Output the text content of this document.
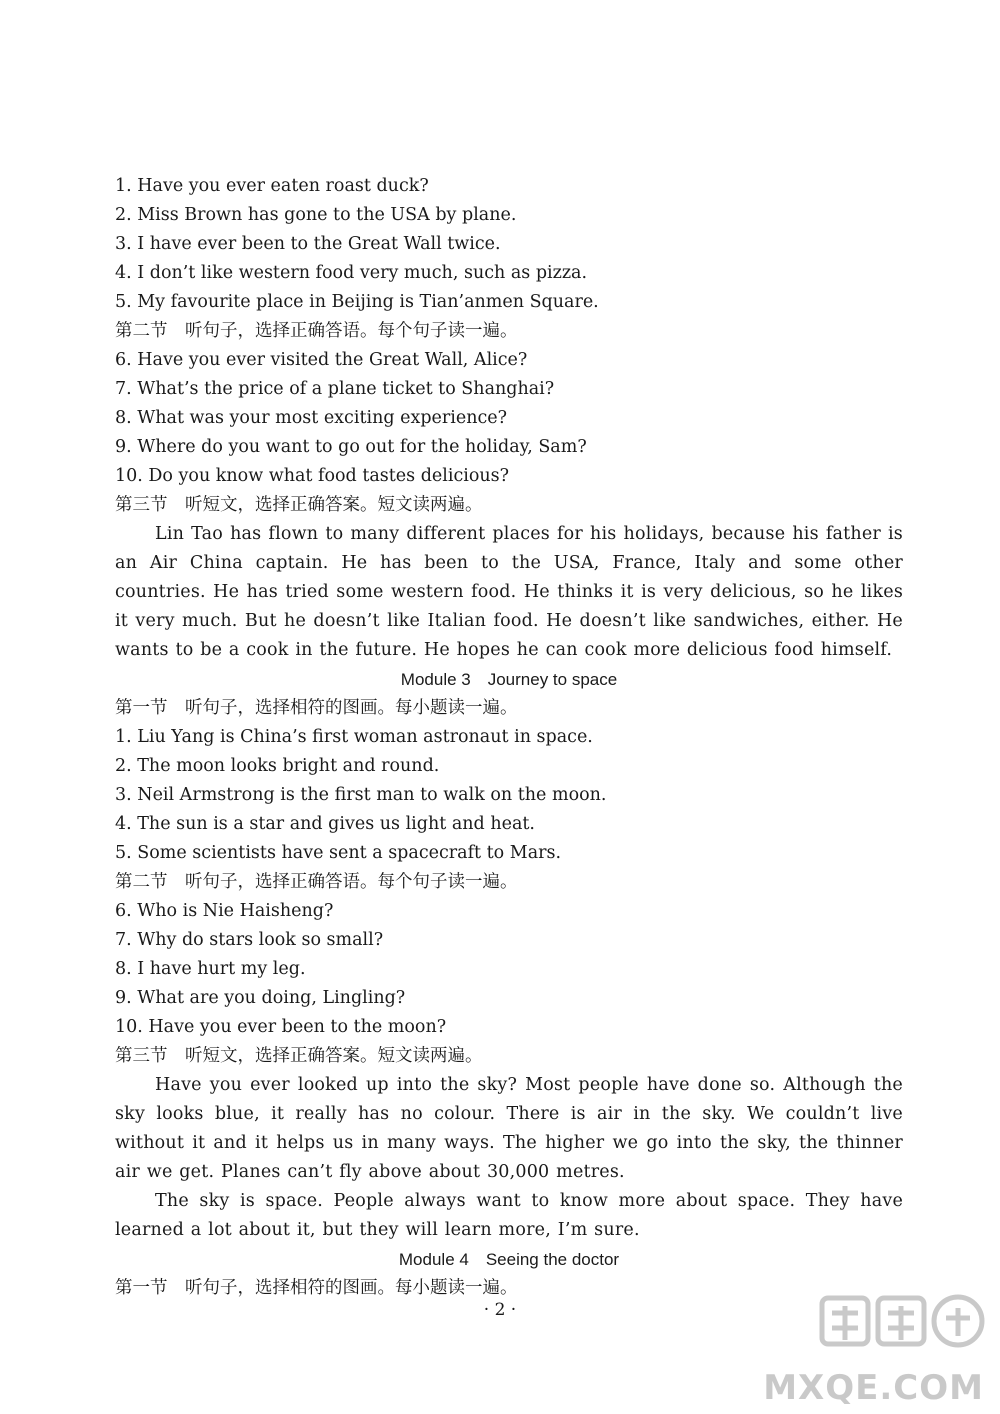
1. Have you ever eaten roast duck?
2. Miss Brown has gone to the USA by plane.
3. I have ever been to the Great Wall twice.
4. I don’t like western food very much, such as pizza.
5. My favourite place in Beijing is Tian’anmen Square.
第二节　听句子，选择正确答语。每个句子读一遍。
6. Have you ever visited the Great Wall, Alice?
7. What’s the price of a plane ticket to Shanghai?
8. What was your most exciting experience?
9. Where do you want to go out for the holiday, Sam?
10. Do you know what food tastes delicious?
第三节　听短文，选择正确答案。短文读两遍。
Lin Tao has flown to many different places for his holidays, because his father is an Air China captain. He has been to the USA, France, Italy and some other countries. He has tried some western food. He thinks it is very delicious, so he likes it very much. But he doesn’t like Italian food. He doesn’t like sandwiches, either. He wants to be a cook in the future. He hopes he can cook more delicious food himself.
Module 3　Journey to space
第一节　听句子，选择相符的图画。每小题读一遍。
1. Liu Yang is China’s first woman astronaut in space.
2. The moon looks bright and round.
3. Neil Armstrong is the first man to walk on the moon.
4. The sun is a star and gives us light and heat.
5. Some scientists have sent a spacecraft to Mars.
第二节　听句子，选择正确答语。每个句子读一遍。
6. Who is Nie Haisheng?
7. Why do stars look so small?
8. I have hurt my leg.
9. What are you doing, Lingling?
10. Have you ever been to the moon?
第三节　听短文，选择正确答案。短文读两遍。
Have you ever looked up into the sky? Most people have done so. Although the sky looks blue, it really has no colour. There is air in the sky. We couldn’t live without it and it helps us in many ways. The higher we go into the sky, the thinner air we get. Planes can’t fly above about 30,000 metres.
The sky is space. People always want to know more about space. They have learned a lot about it, but they will learn more, I’m sure.
Module 4　Seeing the doctor
第一节　听句子，选择相符的图画。每小题读一遍。
· 2 ·
MXQE.COM
